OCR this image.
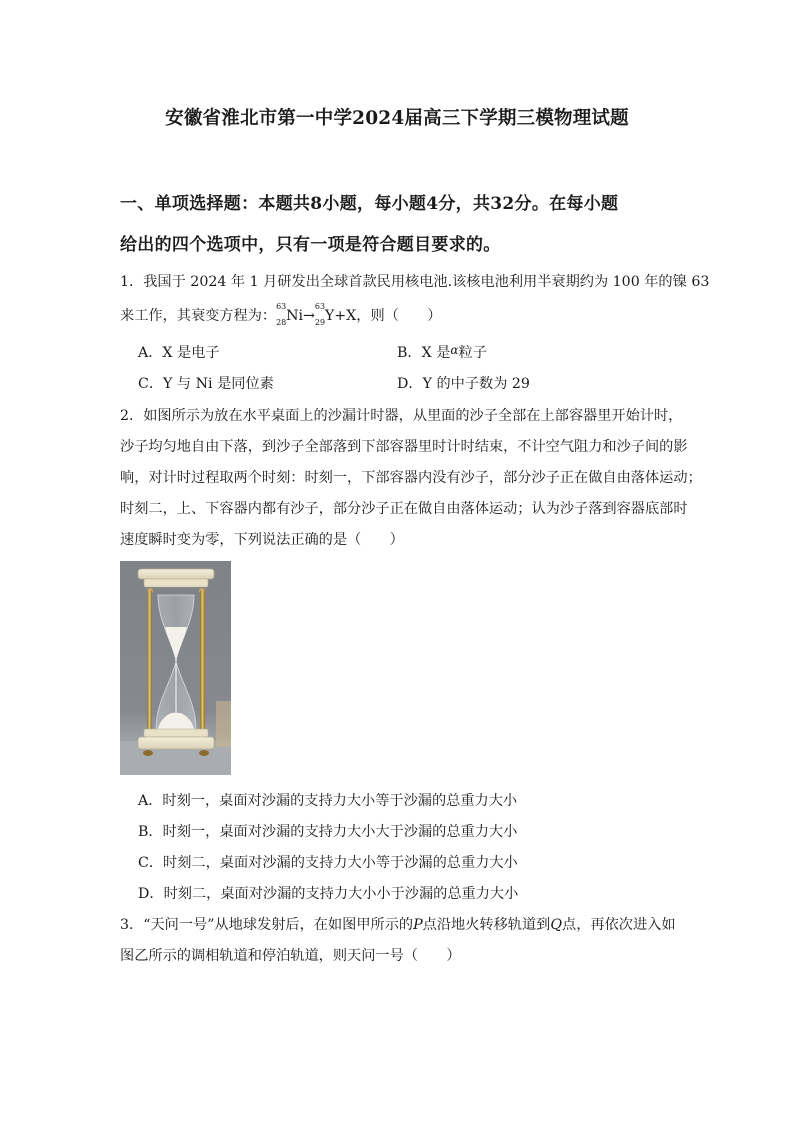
安徽省淮北市第一中学2024届高三下学期三模物理试题
一、单项选择题：本题共8小题，每小题4分，共32分。在每小题
给出的四个选项中，只有一项是符合题目要求的。
1．我国于 2024 年 1 月研发出全球首款民用核电池.该核电池利用半衰期约为 100 年的镍 63
来工作，其衰变方程为：
63
28 Ni→
63
29 Y+X，则（　　）
A．X 是电子	B．X 是$^\alpha$粒子
C．Y 与 Ni 是同位素	D．Y 的中子数为 29
2．如图所示为放在水平桌面上的沙漏计时器，从里面的沙子全部在上部容器里开始计时，
沙子均匀地自由下落，到沙子全部落到下部容器里时计时结束，不计空气阻力和沙子间的影
响，对计时过程取两个时刻：时刻一，下部容器内没有沙子，部分沙子正在做自由落体运动；
时刻二，上、下容器内都有沙子，部分沙子正在做自由落体运动；认为沙子落到容器底部时
速度瞬时变为零，下列说法正确的是（　　）
A．时刻一，桌面对沙漏的支持力大小等于沙漏的总重力大小
B．时刻一，桌面对沙漏的支持力大小大于沙漏的总重力大小
C．时刻二，桌面对沙漏的支持力大小等于沙漏的总重力大小
D．时刻二，桌面对沙漏的支持力大小小于沙漏的总重力大小
3．“天问一号”从地球发射后，在如图甲所示的P点沿地火转移轨道到Q点，再依次进入如
图乙所示的调相轨道和停泊轨道，则天问一号（　　）
